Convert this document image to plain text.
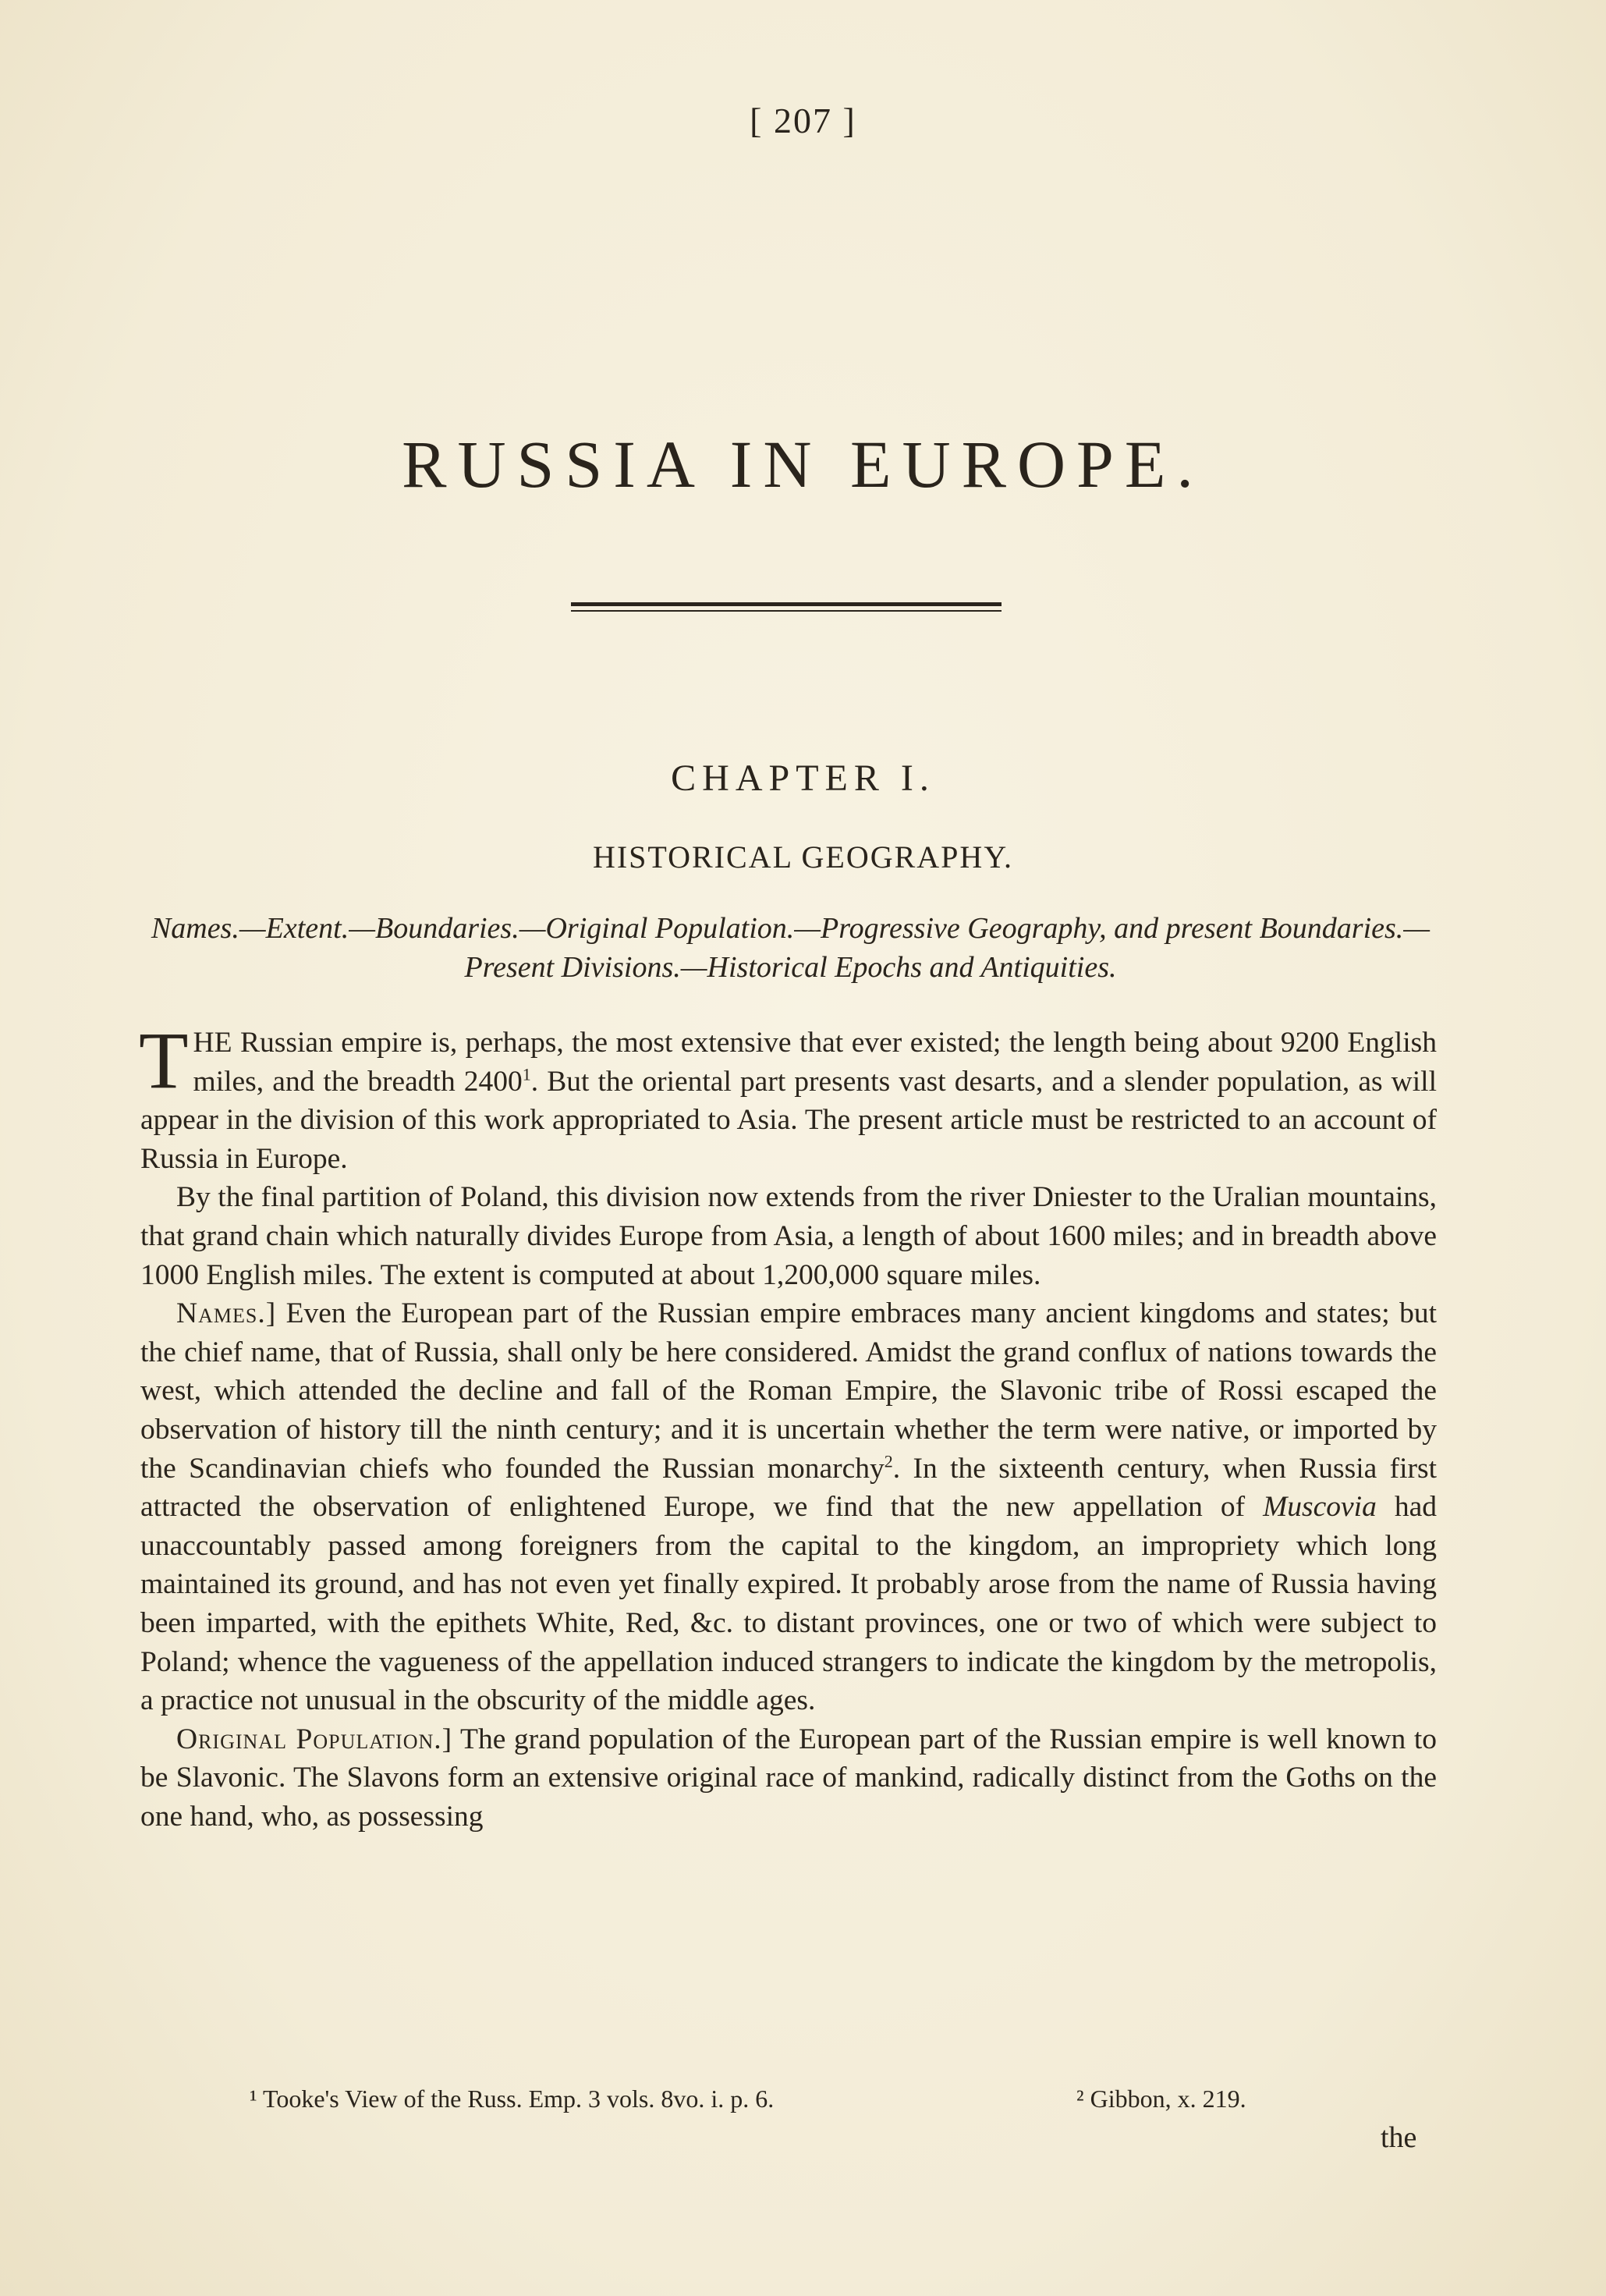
[ 207 ]
RUSSIA IN EUROPE.
CHAPTER I.
HISTORICAL GEOGRAPHY.
Names.—Extent.—Boundaries.—Original Population.—Progressive Geography, and present Boundaries.—Present Divisions.—Historical Epochs and Antiquities.

THE Russian empire is, perhaps, the most extensive that ever existed; the length being about 9200 English miles, and the breadth 2400$^1$. But the oriental part presents vast desarts, and a slender population, as will appear in the division of this work appropriated to Asia. The present article must be restricted to an account of Russia in Europe.

By the final partition of Poland, this division now extends from the river Dniester to the Uralian mountains, that grand chain which naturally divides Europe from Asia, a length of about 1600 miles; and in breadth above 1000 English miles. The extent is computed at about 1,200,000 square miles.

Names.] Even the European part of the Russian empire embraces many ancient kingdoms and states; but the chief name, that of Russia, shall only be here considered. Amidst the grand conflux of nations towards the west, which attended the decline and fall of the Roman Empire, the Slavonic tribe of Rossi escaped the observation of history till the ninth century; and it is uncertain whether the term were native, or imported by the Scandinavian chiefs who founded the Russian monarchy$^2$. In the sixteenth century, when Russia first attracted the observation of enlightened Europe, we find that the new appellation of Muscovia had unaccountably passed among foreigners from the capital to the kingdom, an impropriety which long maintained its ground, and has not even yet finally expired. It probably arose from the name of Russia having been imparted, with the epithets White, Red, &c. to distant provinces, one or two of which were subject to Poland; whence the vagueness of the appellation induced strangers to indicate the kingdom by the metropolis, a practice not unusual in the obscurity of the middle ages.

Original Population.] The grand population of the European part of the Russian empire is well known to be Slavonic. The Slavons form an extensive original race of mankind, radically distinct from the Goths on the one hand, who, as possessing

¹ Tooke's View of the Russ. Emp. 3 vols. 8vo. i. p. 6.	² Gibbon, x. 219.
the
